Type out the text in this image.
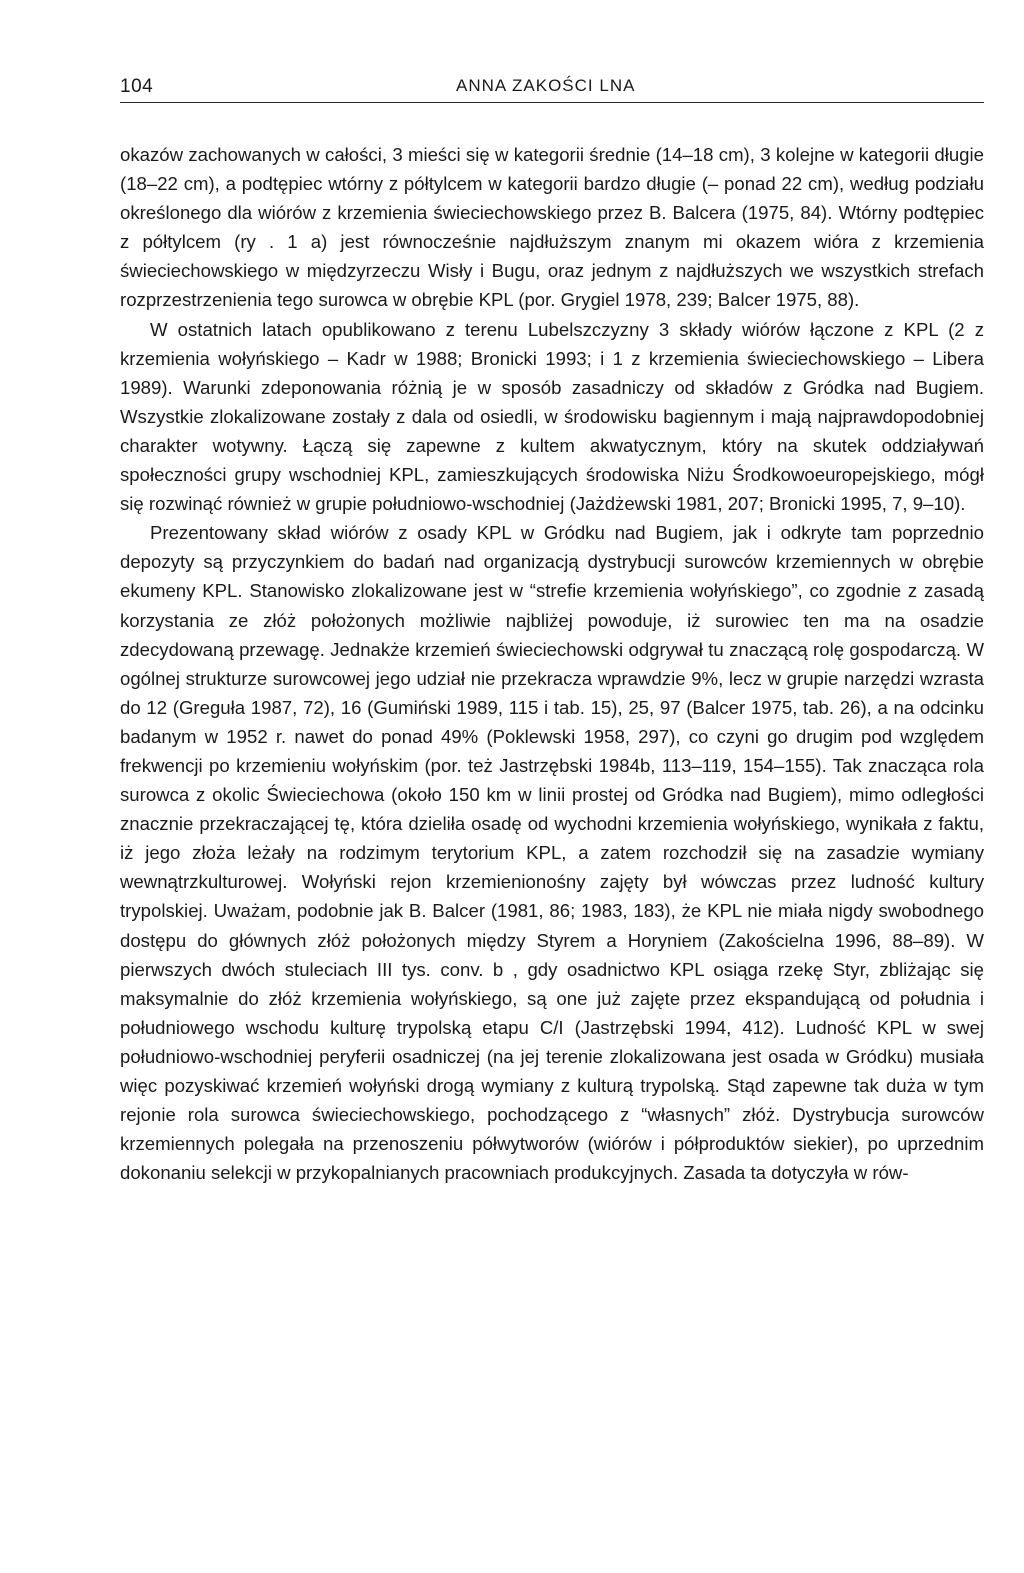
104	ANNA ZAKOŚCI LNA

okazów zachowanych w całości, 3 mieści się w kategorii średnie (14–18 cm), 3 kolejne w kategorii długie (18–22 cm), a podtępiec wtórny z półtylcem w kategorii bardzo długie (– ponad 22 cm), według podziału określonego dla wiórów z krzemienia świeciechowskiego przez B. Balcera (1975, 84). Wtórny podtępiec z półtylcem (ry . 1 a) jest równocześnie najdłuższym znanym mi okazem wióra z krzemienia świeciechowskiego w międzyrzeczu Wisły i Bugu, oraz jednym z najdłuższych we wszystkich strefach rozprzestrzenienia tego surowca w obrębie KPL (por. Grygiel 1978, 239; Balcer 1975, 88).

W ostatnich latach opublikowano z terenu Lubelszczyzny 3 składy wiórów łączone z KPL (2 z krzemienia wołyńskiego – Kadr w 1988; Bronicki 1993; i 1 z krzemienia świeciechowskiego – Libera 1989). Warunki zdeponowania różnią je w sposób zasadniczy od składów z Gródka nad Bugiem. Wszystkie zlokalizowane zostały z dala od osiedli, w środowisku bagiennym i mają najprawdopodobniej charakter wotywny. Łączą się zapewne z kultem akwatycznym, który na skutek oddziaływań społeczności grupy wschodniej KPL, zamieszkujących środowiska Niżu Środkowoeuropejskiego, mógł się rozwinąć również w grupie południowo-wschodniej (Jażdżewski 1981, 207; Bronicki 1995, 7, 9–10).

Prezentowany skład wiórów z osady KPL w Gródku nad Bugiem, jak i odkryte tam poprzednio depozyty są przyczynkiem do badań nad organizacją dystrybucji surowców krzemiennych w obrębie ekumeny KPL. Stanowisko zlokalizowane jest w “strefie krzemienia wołyńskiego”, co zgodnie z zasadą korzystania ze złóż położonych możliwie najbliżej powoduje, iż surowiec ten ma na osadzie zdecydowaną przewagę. Jednakże krzemień świeciechowski odgrywał tu znaczącą rolę gospodarczą. W ogólnej strukturze surowcowej jego udział nie przekracza wprawdzie 9%, lecz w grupie narzędzi wzrasta do 12 (Greguła 1987, 72), 16 (Gumiński 1989, 115 i tab. 15), 25, 97 (Balcer 1975, tab. 26), a na odcinku badanym w 1952 r. nawet do ponad 49% (Poklewski 1958, 297), co czyni go drugim pod względem frekwencji po krzemieniu wołyńskim (por. też Jastrzębski 1984b, 113–119, 154–155). Tak znacząca rola surowca z okolic Świeciechowa (około 150 km w linii prostej od Gródka nad Bugiem), mimo odległości znacznie przekraczającej tę, która dzieliła osadę od wychodni krzemienia wołyńskiego, wynikała z faktu, iż jego złoża leżały na rodzimym terytorium KPL, a zatem rozchodził się na zasadzie wymiany wewnątrzkulturowej. Wołyński rejon krzemienionośny zajęty był wówczas przez ludność kultury trypolskiej. Uważam, podobnie jak B. Balcer (1981, 86; 1983, 183), że KPL nie miała nigdy swobodnego dostępu do głównych złóż położonych między Styrem a Horyniem (Zakościelna 1996, 88–89). W pierwszych dwóch stuleciach III tys. conv. b , gdy osadnictwo KPL osiąga rzekę Styr, zbliżając się maksymalnie do złóż krzemienia wołyńskiego, są one już zajęte przez ekspandującą od południa i południowego wschodu kulturę trypolską etapu C/I (Jastrzębski 1994, 412). Ludność KPL w swej południowo-wschodniej peryferii osadniczej (na jej terenie zlokalizowana jest osada w Gródku) musiała więc pozyskiwać krzemień wołyński drogą wymiany z kulturą trypolską. Stąd zapewne tak duża w tym rejonie rola surowca świeciechowskiego, pochodzącego z “własnych” złóż. Dystrybucja surowców krzemiennych polegała na przenoszeniu półwytworów (wiórów i półproduktów siekier), po uprzednim dokonaniu selekcji w przykopalnianych pracowniach produkcyjnych. Zasada ta dotyczyła w rów-
